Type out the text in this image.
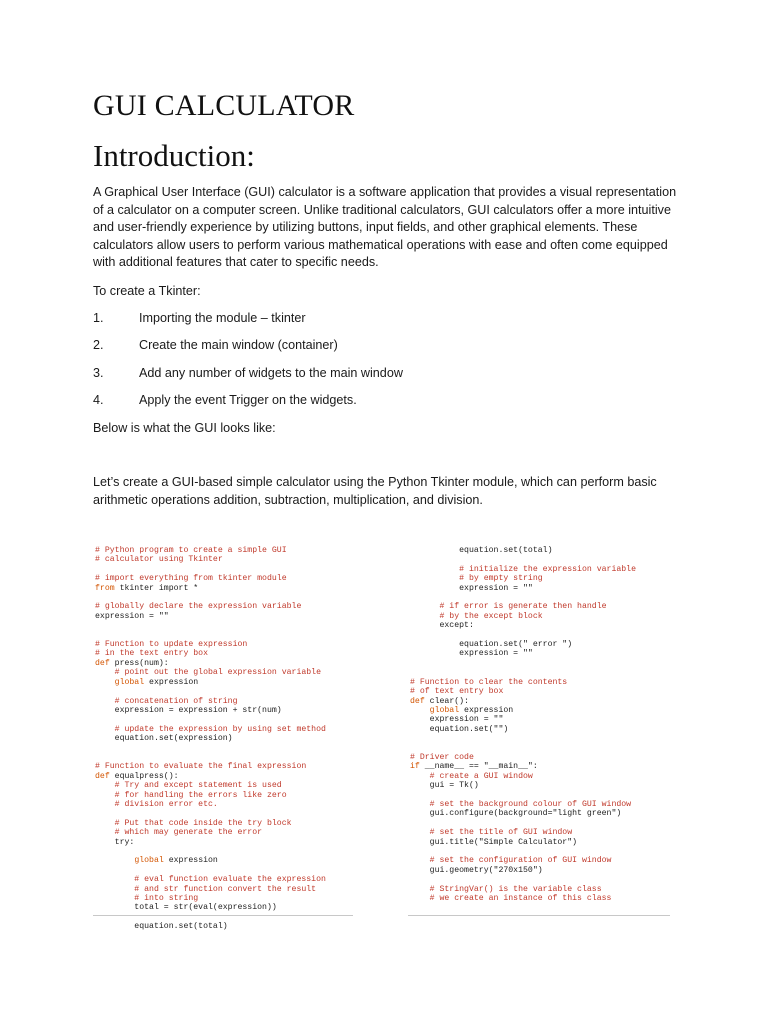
GUI CALCULATOR
Introduction:

A Graphical User Interface (GUI) calculator is a software application that provides a visual representation of a calculator on a computer screen. Unlike traditional calculators, GUI calculators offer a more intuitive and user-friendly experience by utilizing buttons, input fields, and other graphical elements. These calculators allow users to perform various mathematical operations with ease and often come equipped with additional features that cater to specific needs.

To create a Tkinter:

1.	Importing the module – tkinter
2.	Create the main window (container)
3.	Add any number of widgets to the main window
4.	Apply the event Trigger on the widgets.

Below is what the GUI looks like:

Let’s create a GUI-based simple calculator using the Python Tkinter module, which can perform basic arithmetic operations addition, subtraction, multiplication, and division.

# Python program to create a simple GUI
# calculator using Tkinter

# import everything from tkinter module
from tkinter import *

# globally declare the expression variable
expression = ""

# Function to update expression
# in the text entry box
def press(num):
# point out the global expression variable
global expression

# concatenation of string
expression = expression + str(num)

# update the expression by using set method
equation.set(expression)

# Function to evaluate the final expression
def equalpress():
# Try and except statement is used
# for handling the errors like zero
# division error etc.

# Put that code inside the try block
# which may generate the error
try:

global expression

# eval function evaluate the expression
# and str function convert the result
# into string
total = str(eval(expression))

equation.set(total)

equation.set(total)

# initialize the expression variable
# by empty string
expression = ""

# if error is generate then handle
# by the except block
except:

equation.set(" error ")
expression = ""

# Function to clear the contents
# of text entry box
def clear():
global expression
expression = ""
equation.set("")

# Driver code
if __name__ == "__main__":
# create a GUI window
gui = Tk()

# set the background colour of GUI window
gui.configure(background="light green")

# set the title of GUI window
gui.title("Simple Calculator")

# set the configuration of GUI window
gui.geometry("270x150")

# StringVar() is the variable class
# we create an instance of this class
